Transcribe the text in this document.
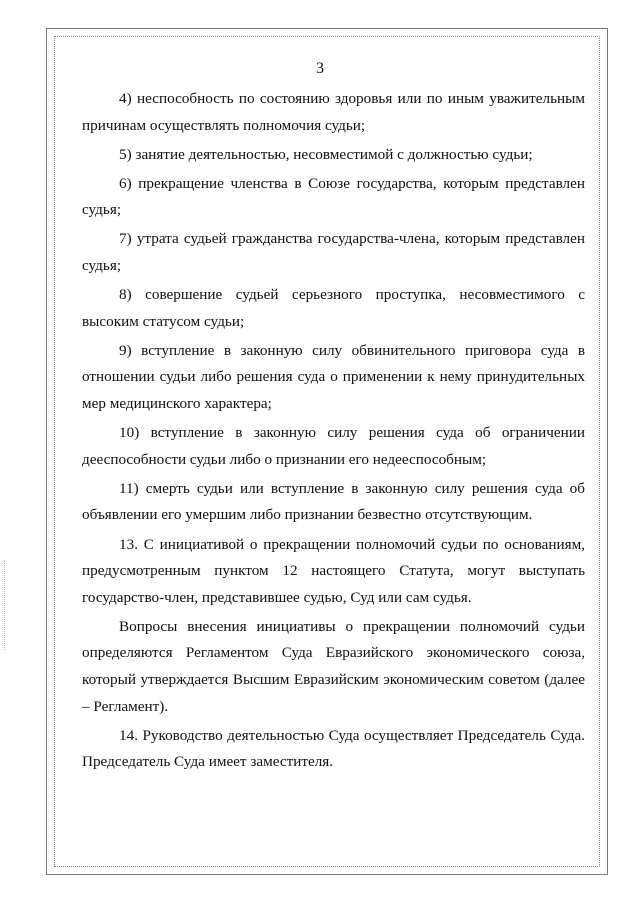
3

4) неспособность по состоянию здоровья или по иным уважительным причинам осуществлять полномочия судьи;

5) занятие деятельностью, несовместимой с должностью судьи;

6) прекращение членства в Союзе государства, которым представлен судья;

7) утрата судьей гражданства государства-члена, которым представлен судья;

8) совершение судьей серьезного проступка, несовместимого с высоким статусом судьи;

9) вступление в законную силу обвинительного приговора суда в отношении судьи либо решения суда о применении к нему принудительных мер медицинского характера;

10) вступление в законную силу решения суда об ограничении дееспособности судьи либо о признании его недееспособным;

11) смерть судьи или вступление в законную силу решения суда об объявлении его умершим либо признании безвестно отсутствующим.

13. С инициативой о прекращении полномочий судьи по основаниям, предусмотренным пунктом 12 настоящего Статута, могут выступать государство-член, представившее судью, Суд или сам судья.

Вопросы внесения инициативы о прекращении полномочий судьи определяются Регламентом Суда Евразийского экономического союза, который утверждается Высшим Евразийским экономическим советом (далее – Регламент).

14. Руководство деятельностью Суда осуществляет Председатель Суда. Председатель Суда имеет заместителя.
